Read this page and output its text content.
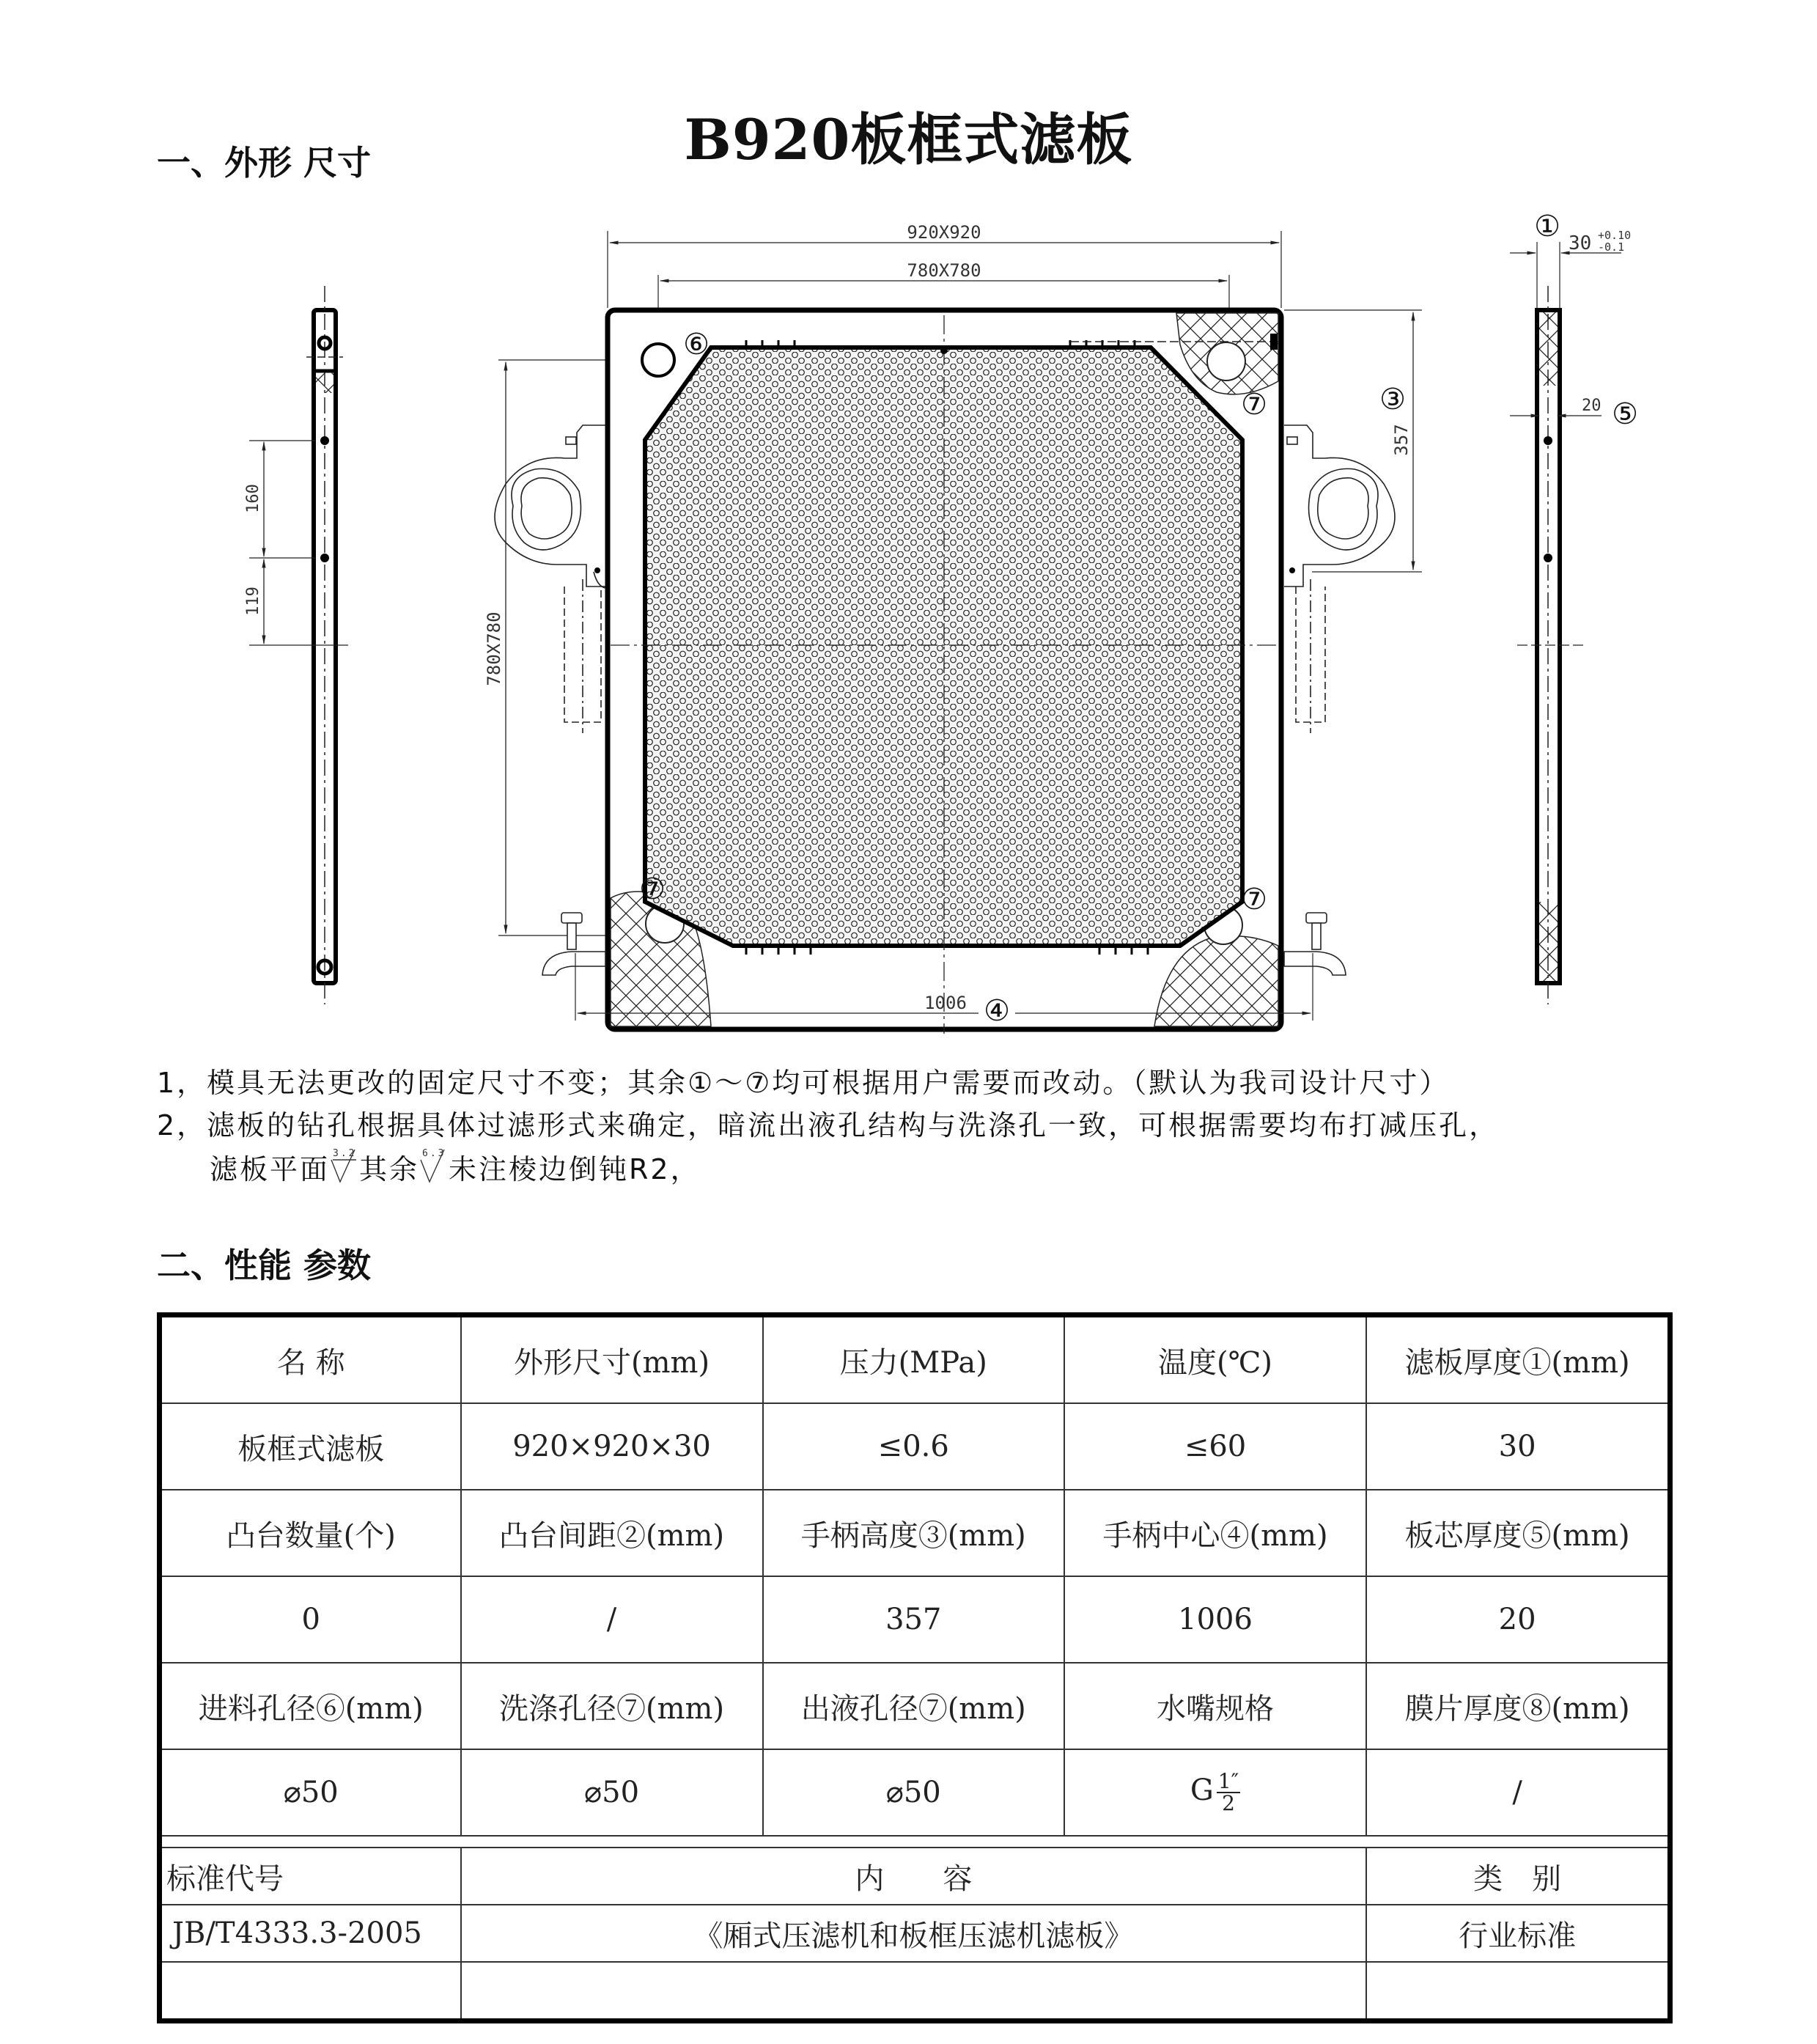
B920板框式滤板
一、外形 尺寸
160
119
920X920
780X780
780X780
357
1006
⑥
⑦
⑦	⑦
④
③
30 +0.10
-0.1
①
20 ⑤
1，模具无法更改的固定尺寸不变；其余①～⑦均可根据用户需要而改动。（默认为我司设计尺寸）
2，滤板的钻孔根据具体过滤形式来确定，暗流出液孔结构与洗涤孔一致，可根据需要均布打减压孔，
滤板平面 3.2 其余 6.3 未注棱边倒钝R2，
二、性能 参数
名 称	外形尺寸(mm)	压力(MPa)	温度(℃)	滤板厚度①(mm)
板框式滤板	920×920×30	≤0.6	≤60	30
凸台数量(个)	凸台间距②(mm)	手柄高度③(mm)	手柄中心④(mm)	板芯厚度⑤(mm)
0	/	357	1006	20
进料孔径⑥(mm)	洗涤孔径⑦(mm)	出液孔径⑦(mm)	水嘴规格	膜片厚度⑧(mm)
⌀50	⌀50	⌀50	G $\frac{1''}{2}$	/

标准代号	内　　容			类　别
JB/T4333.3-2005	《厢式压滤机和板框压滤机滤板》			行业标准
